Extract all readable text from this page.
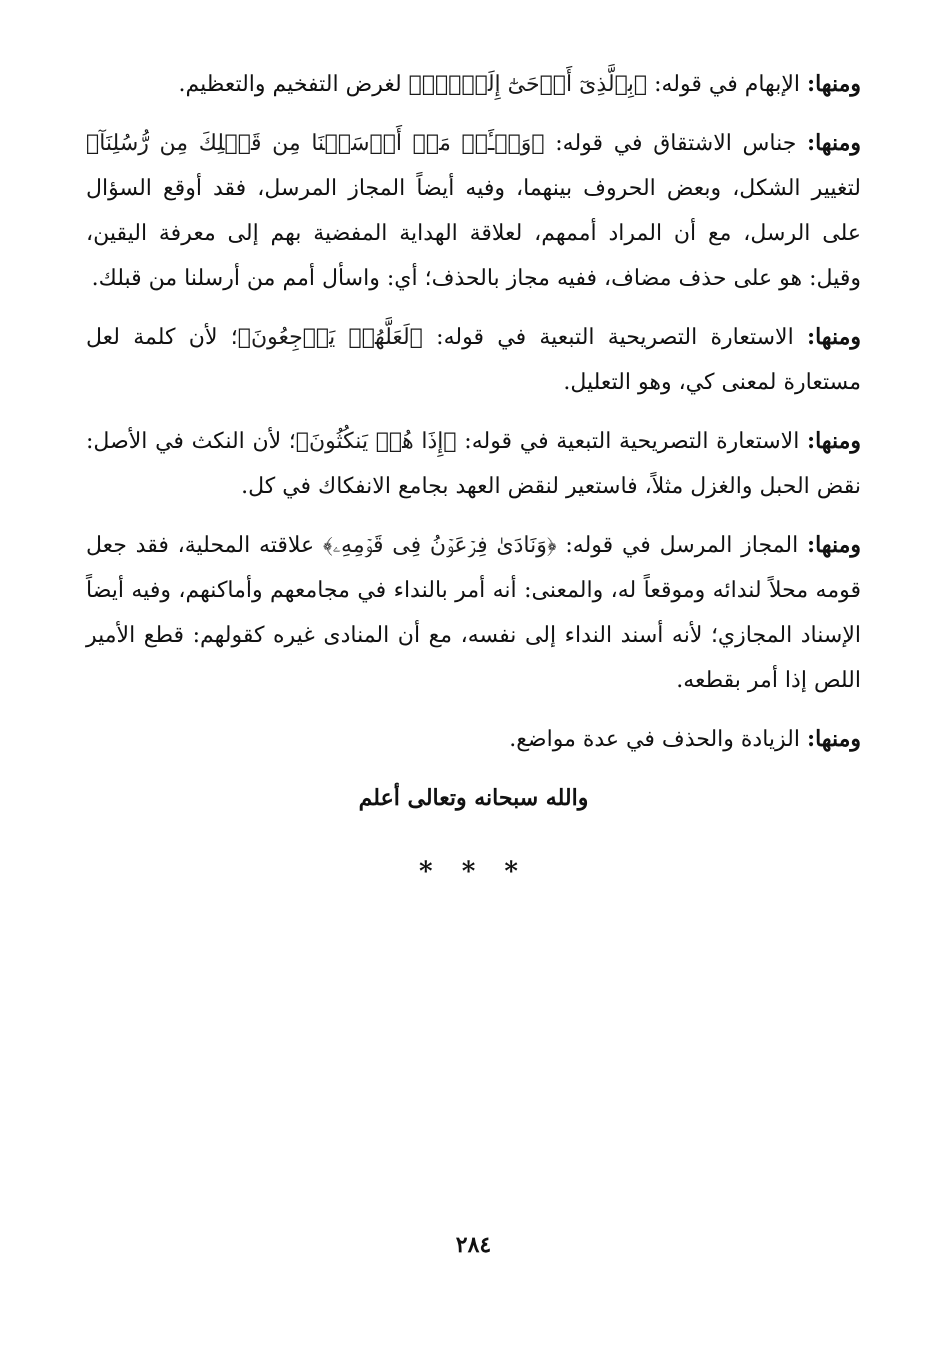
ومنها: الإبهام في قوله: ﴿بِٱلَّذِىٓ أَوۡحَىٰٓ إِلَيۡكَۖ﴾ لغرض التفخيم والتعظيم.

ومنها: جناس الاشتقاق في قوله: ﴿وَسۡـَٔلۡ مَنۡ أَرۡسَلۡنَا مِن قَبۡلِكَ مِن رُّسُلِنَآ﴾ لتغيير الشكل، وبعض الحروف بينهما، وفيه أيضاً المجاز المرسل، فقد أوقع السؤال على الرسل، مع أن المراد أممهم، لعلاقة الهداية المفضية بهم إلى معرفة اليقين، وقيل: هو على حذف مضاف، ففيه مجاز بالحذف؛ أي: واسأل أمم من أرسلنا من قبلك.

ومنها: الاستعارة التصريحية التبعية في قوله: ﴿لَعَلَّهُمۡ يَرۡجِعُونَ﴾؛ لأن كلمة لعل مستعارة لمعنى كي، وهو التعليل.

ومنها: الاستعارة التصريحية التبعية في قوله: ﴿إِذَا هُمۡ يَنكُثُونَ﴾؛ لأن النكث في الأصل: نقض الحبل والغزل مثلاً، فاستعير لنقض العهد بجامع الانفكاك في كل.

ومنها: المجاز المرسل في قوله: ﴿وَنَادَىٰ فِرۡعَوۡنُ فِى قَوۡمِهِۦ﴾ علاقته المحلية، فقد جعل قومه محلاً لندائه وموقعاً له، والمعنى: أنه أمر بالنداء في مجامعهم وأماكنهم، وفيه أيضاً الإسناد المجازي؛ لأنه أسند النداء إلى نفسه، مع أن المنادى غيره كقولهم: قطع الأمير اللص إذا أمر بقطعه.

ومنها: الزيادة والحذف في عدة مواضع.

والله سبحانه وتعالى أعلم

* * *

٢٨٤
